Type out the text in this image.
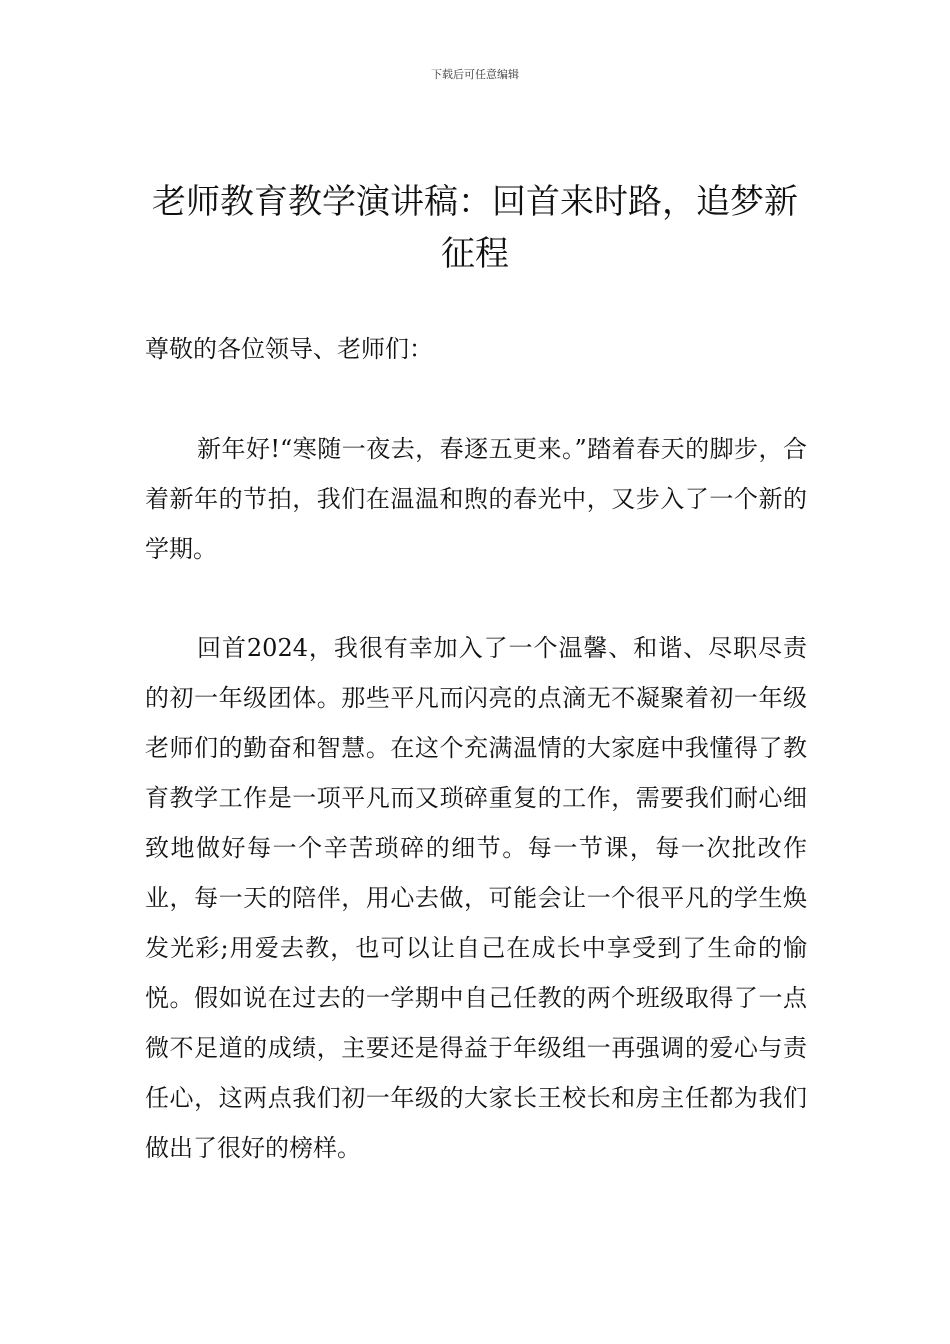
下载后可任意编辑
老师教育教学演讲稿：回首来时路，追梦新征程

尊敬的各位领导、老师们：

新年好!“寒随一夜去，春逐五更来。”踏着春天的脚步，合着新年的节拍，我们在温温和煦的春光中，又步入了一个新的学期。

回首2024，我很有幸加入了一个温馨、和谐、尽职尽责的初一年级团体。那些平凡而闪亮的点滴无不凝聚着初一年级老师们的勤奋和智慧。在这个充满温情的大家庭中我懂得了教育教学工作是一项平凡而又琐碎重复的工作，需要我们耐心细致地做好每一个辛苦琐碎的细节。每一节课，每一次批改作业，每一天的陪伴，用心去做，可能会让一个很平凡的学生焕发光彩;用爱去教，也可以让自己在成长中享受到了生命的愉悦。假如说在过去的一学期中自己任教的两个班级取得了一点微不足道的成绩，主要还是得益于年级组一再强调的爱心与责任心，这两点我们初一年级的大家长王校长和房主任都为我们做出了很好的榜样。
